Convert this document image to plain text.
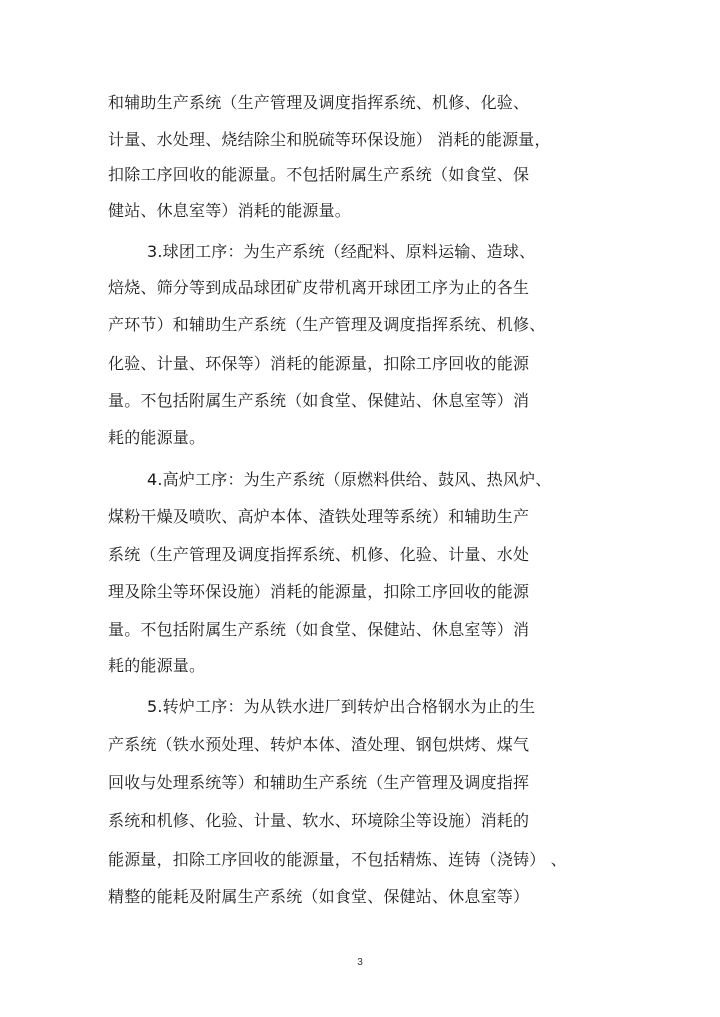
和辅助生产系统（生产管理及调度指挥系统、机修、化验、
计量、水处理、烧结除尘和脱硫等环保设施） 消耗的能源量，
扣除工序回收的能源量。不包括附属生产系统（如食堂、保
健站、休息室等）消耗的能源量。
3.球团工序：为生产系统（经配料、原料运输、造球、
焙烧、筛分等到成品球团矿皮带机离开球团工序为止的各生
产环节）和辅助生产系统（生产管理及调度指挥系统、机修、
化验、计量、环保等）消耗的能源量，扣除工序回收的能源
量。不包括附属生产系统（如食堂、保健站、休息室等）消
耗的能源量。
4.高炉工序：为生产系统（原燃料供给、鼓风、热风炉、
煤粉干燥及喷吹、高炉本体、渣铁处理等系统）和辅助生产
系统（生产管理及调度指挥系统、机修、化验、计量、水处
理及除尘等环保设施）消耗的能源量，扣除工序回收的能源
量。不包括附属生产系统（如食堂、保健站、休息室等）消
耗的能源量。
5.转炉工序：为从铁水进厂到转炉出合格钢水为止的生
产系统（铁水预处理、转炉本体、渣处理、钢包烘烤、煤气
回收与处理系统等）和辅助生产系统（生产管理及调度指挥
系统和机修、化验、计量、软水、环境除尘等设施）消耗的
能源量，扣除工序回收的能源量，不包括精炼、连铸（浇铸） 、
精整的能耗及附属生产系统（如食堂、保健站、休息室等）
3
